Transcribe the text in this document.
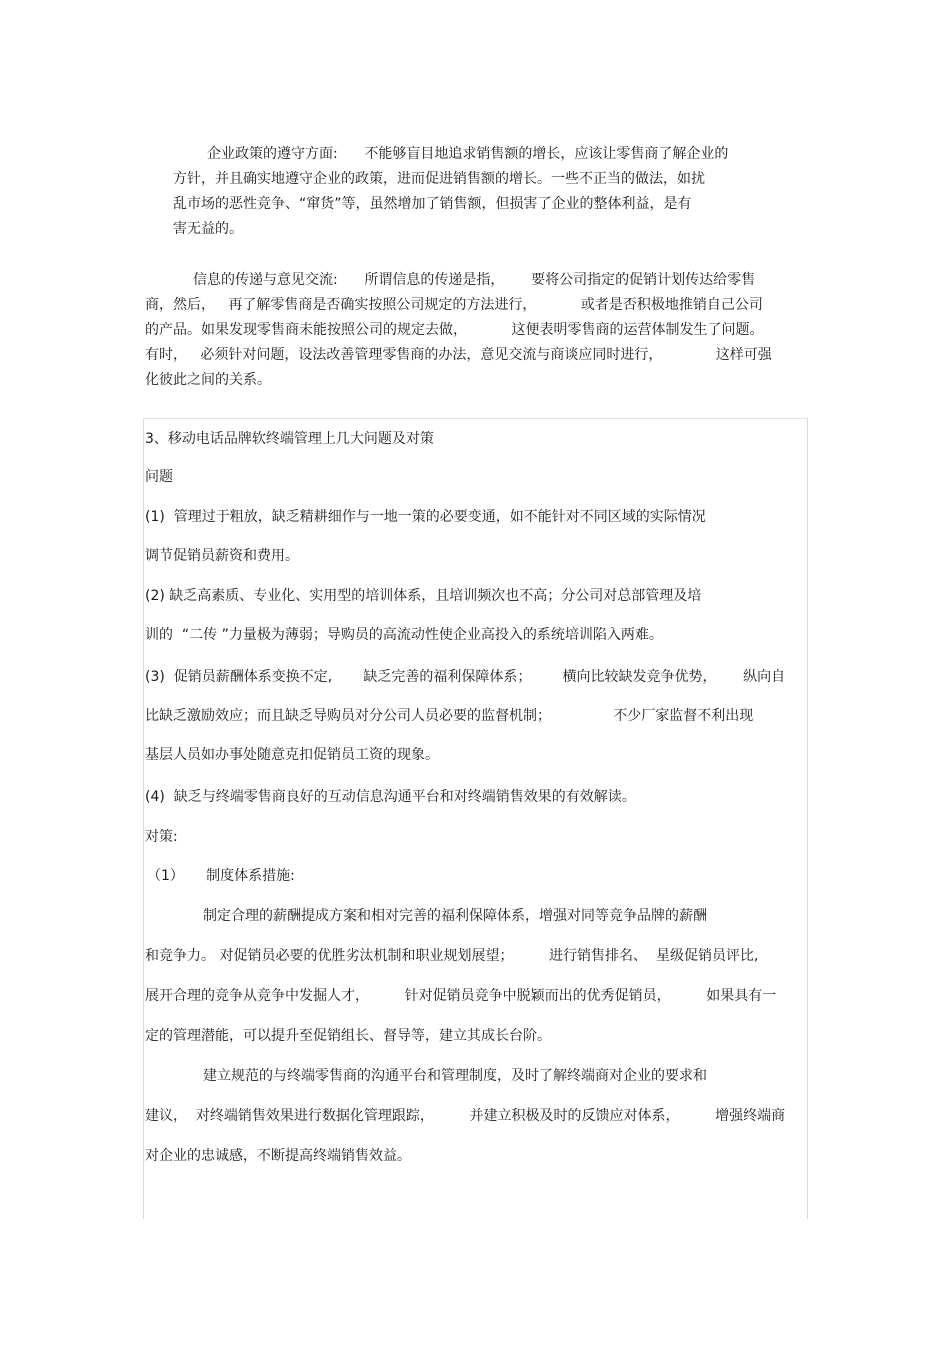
企业政策的遵守方面:      不能够盲目地追求销售额的增长，应该让零售商了解企业的
方针，并且确实地遵守企业的政策，进而促进销售额的增长。一些不正当的做法，如扰
乱市场的恶性竞争、“窜货”等，虽然增加了销售额，但损害了企业的整体利益，是有
害无益的。
信息的传递与意见交流:      所谓信息的传递是指，      要将公司指定的促销计划传达给零售
商，然后，   再了解零售商是否确实按照公司规定的方法进行，          或者是否积极地推销自己公司
的产品。如果发现零售商未能按照公司的规定去做，          这便表明零售商的运营体制发生了问题。
有时，   必须针对问题，设法改善管理零售商的办法，意见交流与商谈应同时进行，            这样可强
化彼此之间的关系。
3、移动电话品牌软终端管理上几大问题及对策
问题
(1)  管理过于粗放，缺乏精耕细作与一地一策的必要变通，如不能针对不同区域的实际情况
调节促销员薪资和费用。
(2) 缺乏高素质、专业化、实用型的培训体系，且培训频次也不高；分公司对总部管理及培
训的  “二传 ”力量极为薄弱；导购员的高流动性使企业高投入的系统培训陷入两难。
(3)  促销员薪酬体系变换不定,       缺乏完善的福利保障体系；       横向比较缺发竞争优势，      纵向自
比缺乏激励效应；而且缺乏导购员对分公司人员必要的监督机制；              不少厂家监督不利出现
基层人员如办事处随意克扣促销员工资的现象。
(4)  缺乏与终端零售商良好的互动信息沟通平台和对终端销售效果的有效解读。
对策:
（1）     制度体系措施:
制定合理的薪酬提成方案和相对完善的福利保障体系，增强对同等竞争品牌的薪酬
和竞争力。 对促销员必要的优胜劣汰机制和职业规划展望；        进行销售排名、  星级促销员评比,
展开合理的竞争从竞争中发掘人才，        针对促销员竞争中脱颖而出的优秀促销员，        如果具有一
定的管理潜能，可以提升至促销组长、督导等，建立其成长台阶。
建立规范的与终端零售商的沟通平台和管理制度，及时了解终端商对企业的要求和
建议，  对终端销售效果进行数据化管理跟踪，        并建立积极及时的反馈应对体系，        增强终端商
对企业的忠诚感，不断提高终端销售效益。
